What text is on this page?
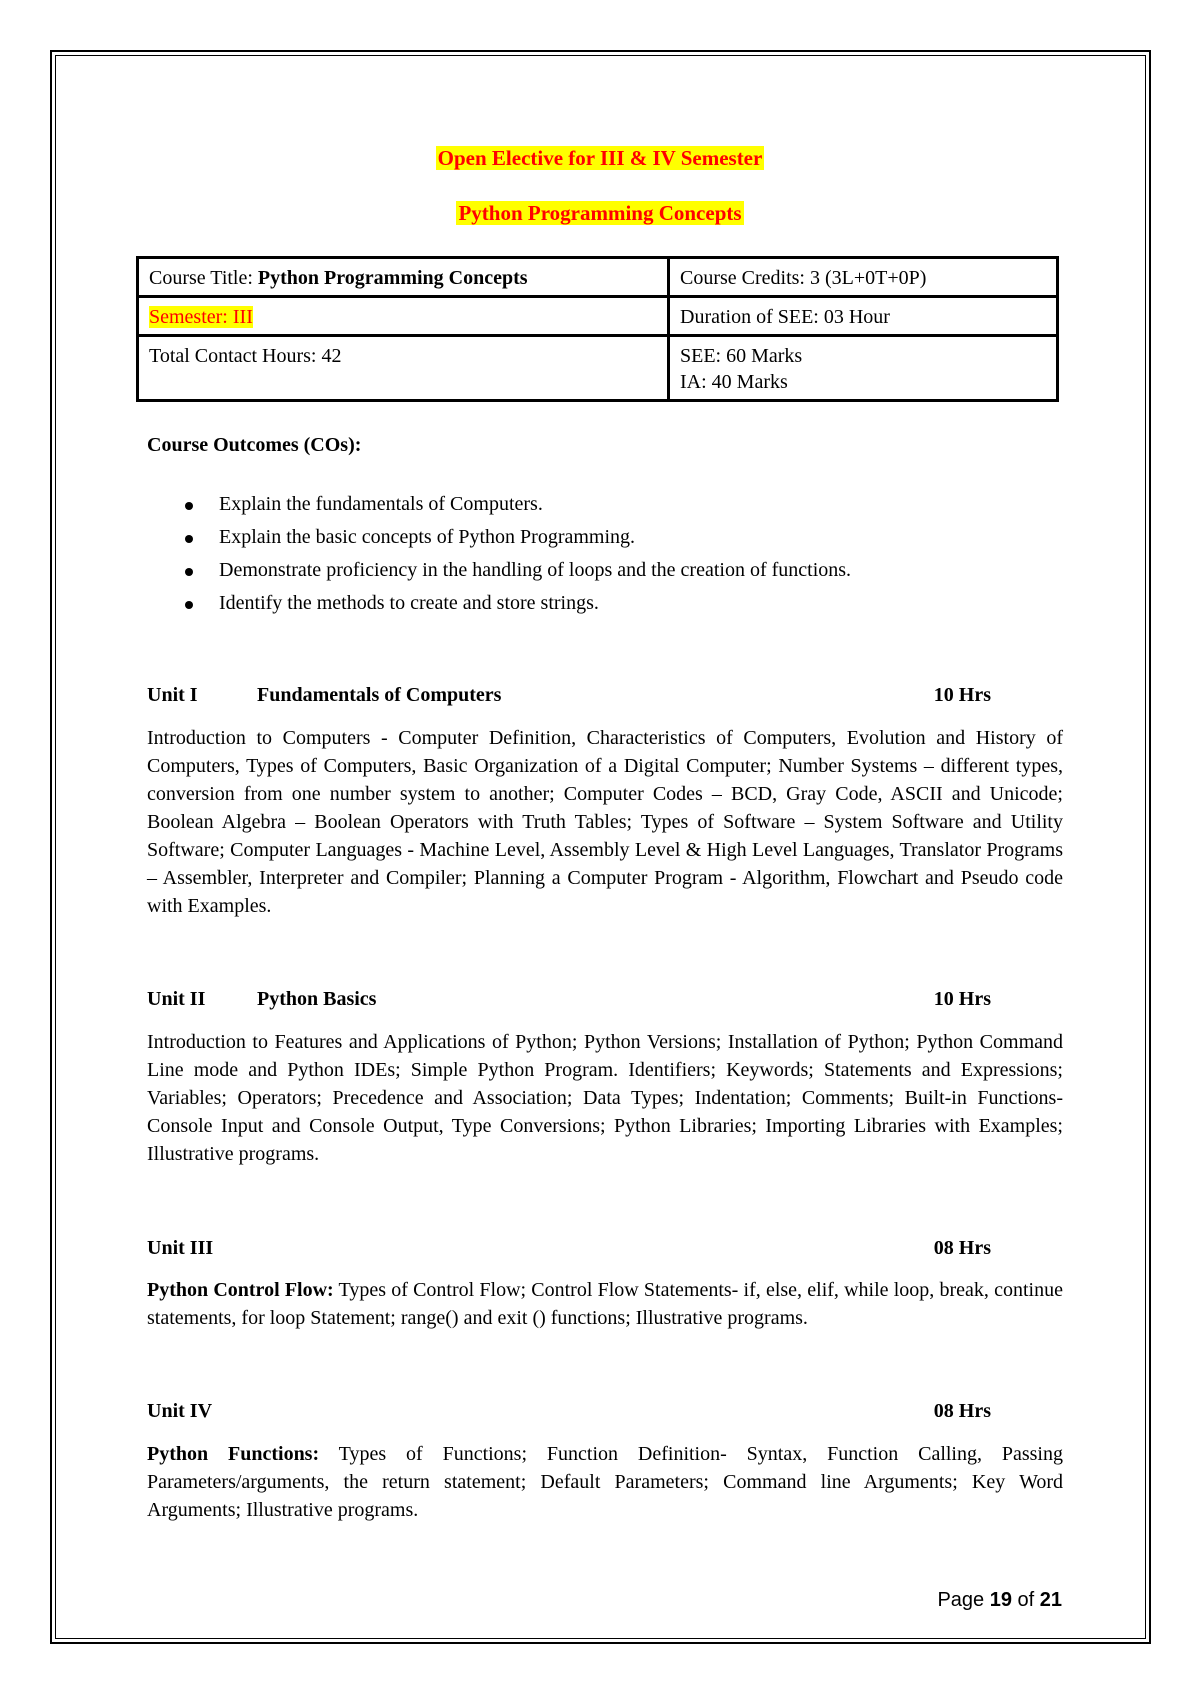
Open Elective for III & IV Semester
Python Programming Concepts
Course Title: Python Programming Concepts	Course Credits: 3 (3L+0T+0P)
Semester: III	Duration of SEE: 03 Hour
Total Contact Hours: 42	SEE: 60 Marks
IA: 40 Marks
Course Outcomes (COs):
Explain the fundamentals of Computers.
Explain the basic concepts of Python Programming.
Demonstrate proficiency in the handling of loops and the creation of functions.
Identify the methods to create and store strings.
Unit I	Fundamentals of Computers	10 Hrs
Introduction to Computers - Computer Definition, Characteristics of Computers, Evolution and History of Computers, Types of Computers, Basic Organization of a Digital Computer; Number Systems – different types, conversion from one number system to another; Computer Codes – BCD, Gray Code, ASCII and Unicode; Boolean Algebra – Boolean Operators with Truth Tables; Types of Software – System Software and Utility Software; Computer Languages - Machine Level, Assembly Level & High Level Languages, Translator Programs – Assembler, Interpreter and Compiler; Planning a Computer Program - Algorithm, Flowchart and Pseudo code with Examples.
Unit II	Python Basics	10 Hrs
Introduction to Features and Applications of Python; Python Versions; Installation of Python; Python Command Line mode and Python IDEs; Simple Python Program. Identifiers; Keywords; Statements and Expressions; Variables; Operators; Precedence and Association; Data Types; Indentation; Comments; Built-in Functions- Console Input and Console Output, Type Conversions; Python Libraries; Importing Libraries with Examples; Illustrative programs.
Unit III	08 Hrs
Python Control Flow: Types of Control Flow; Control Flow Statements- if, else, elif, while loop, break, continue statements, for loop Statement; range() and exit () functions; Illustrative programs.
Unit IV	08 Hrs
Python Functions: Types of Functions; Function Definition- Syntax, Function Calling, Passing Parameters/arguments, the return statement; Default Parameters; Command line Arguments; Key Word Arguments; Illustrative programs.
Page 19 of 21
